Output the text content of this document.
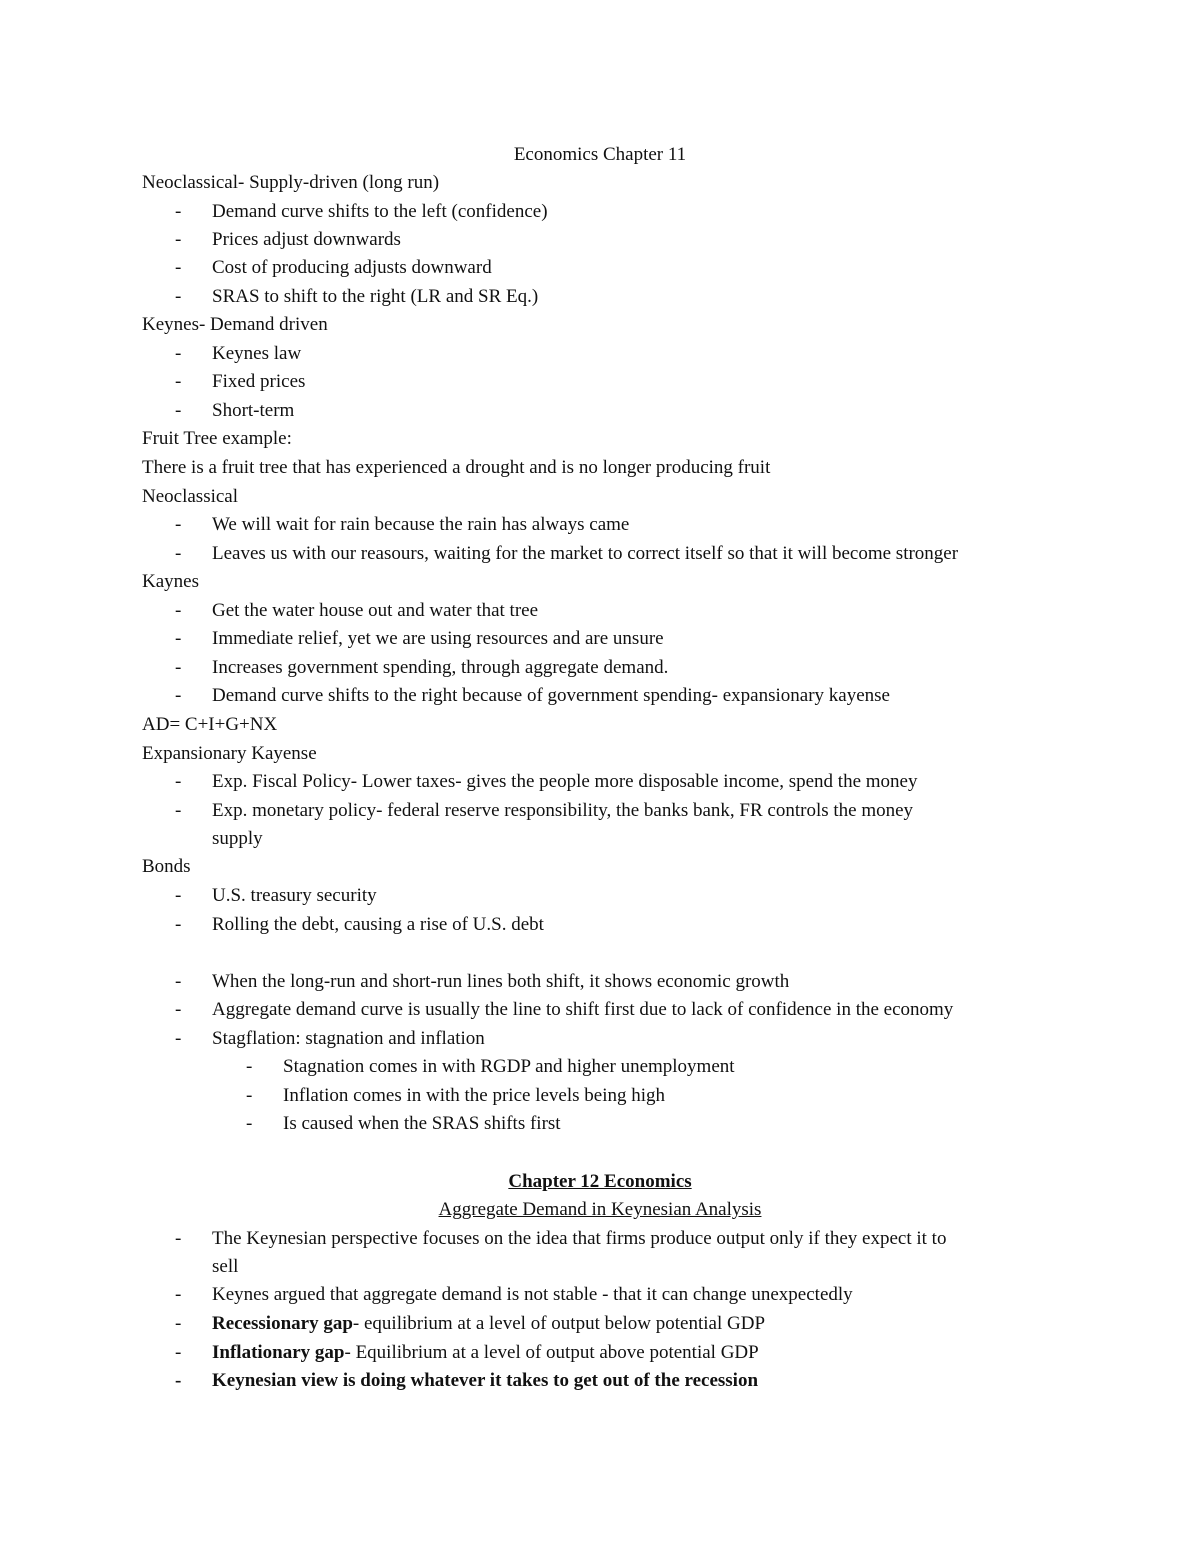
Economics Chapter 11
Neoclassical- Supply-driven (long run)
- Demand curve shifts to the left (confidence)
- Prices adjust downwards
- Cost of producing adjusts downward
- SRAS to shift to the right (LR and SR Eq.)
Keynes- Demand driven
- Keynes law
- Fixed prices
- Short-term
Fruit Tree example:
There is a fruit tree that has experienced a drought and is no longer producing fruit
Neoclassical
- We will wait for rain because the rain has always came
- Leaves us with our reasours, waiting for the market to correct itself so that it will become stronger
Kaynes
- Get the water house out and water that tree
- Immediate relief, yet we are using resources and are unsure
- Increases government spending, through aggregate demand.
- Demand curve shifts to the right because of government spending- expansionary kayense
AD= C+I+G+NX
Expansionary Kayense
- Exp. Fiscal Policy- Lower taxes- gives the people more disposable income, spend the money
- Exp. monetary policy- federal reserve responsibility, the banks bank, FR controls the money
supply
Bonds
- U.S. treasury security
- Rolling the debt, causing a rise of U.S. debt
- When the long-run and short-run lines both shift, it shows economic growth
- Aggregate demand curve is usually the line to shift first due to lack of confidence in the economy
- Stagflation: stagnation and inflation
- Stagnation comes in with RGDP and higher unemployment
- Inflation comes in with the price levels being high
- Is caused when the SRAS shifts first
Chapter 12 Economics
Aggregate Demand in Keynesian Analysis
- The Keynesian perspective focuses on the idea that firms produce output only if they expect it to
sell
- Keynes argued that aggregate demand is not stable - that it can change unexpectedly
- Recessionary gap- equilibrium at a level of output below potential GDP
- Inflationary gap- Equilibrium at a level of output above potential GDP
- Keynesian view is doing whatever it takes to get out of the recession
